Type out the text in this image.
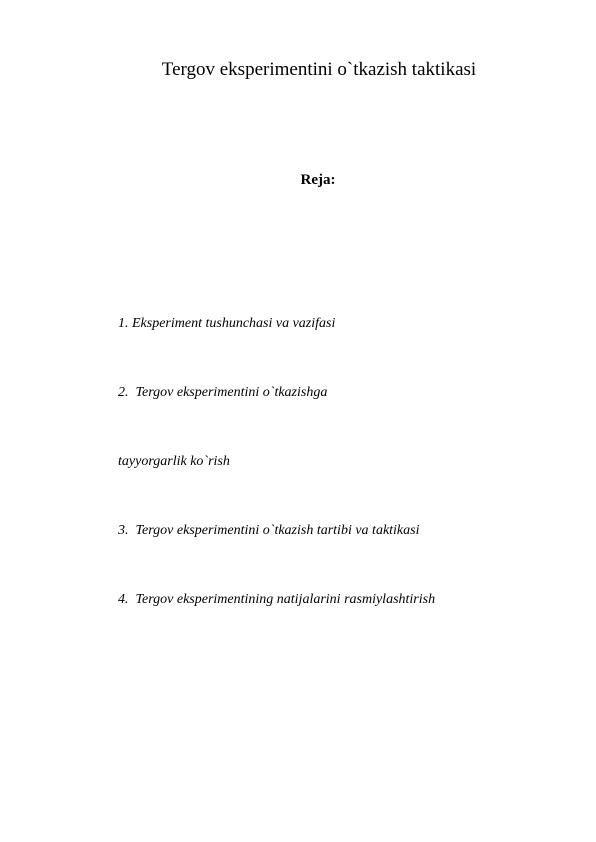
Tergov eksperimentini o`tkazish taktikasi
Reja:

1. Eksperiment tushunchasi va vazifasi

2.  Tergov eksperimentini o`tkazishga

tayyorgarlik ko`rish

3.  Tergov eksperimentini o`tkazish tartibi va taktikasi

4.  Tergov eksperimentining natijalarini rasmiylashtirish
